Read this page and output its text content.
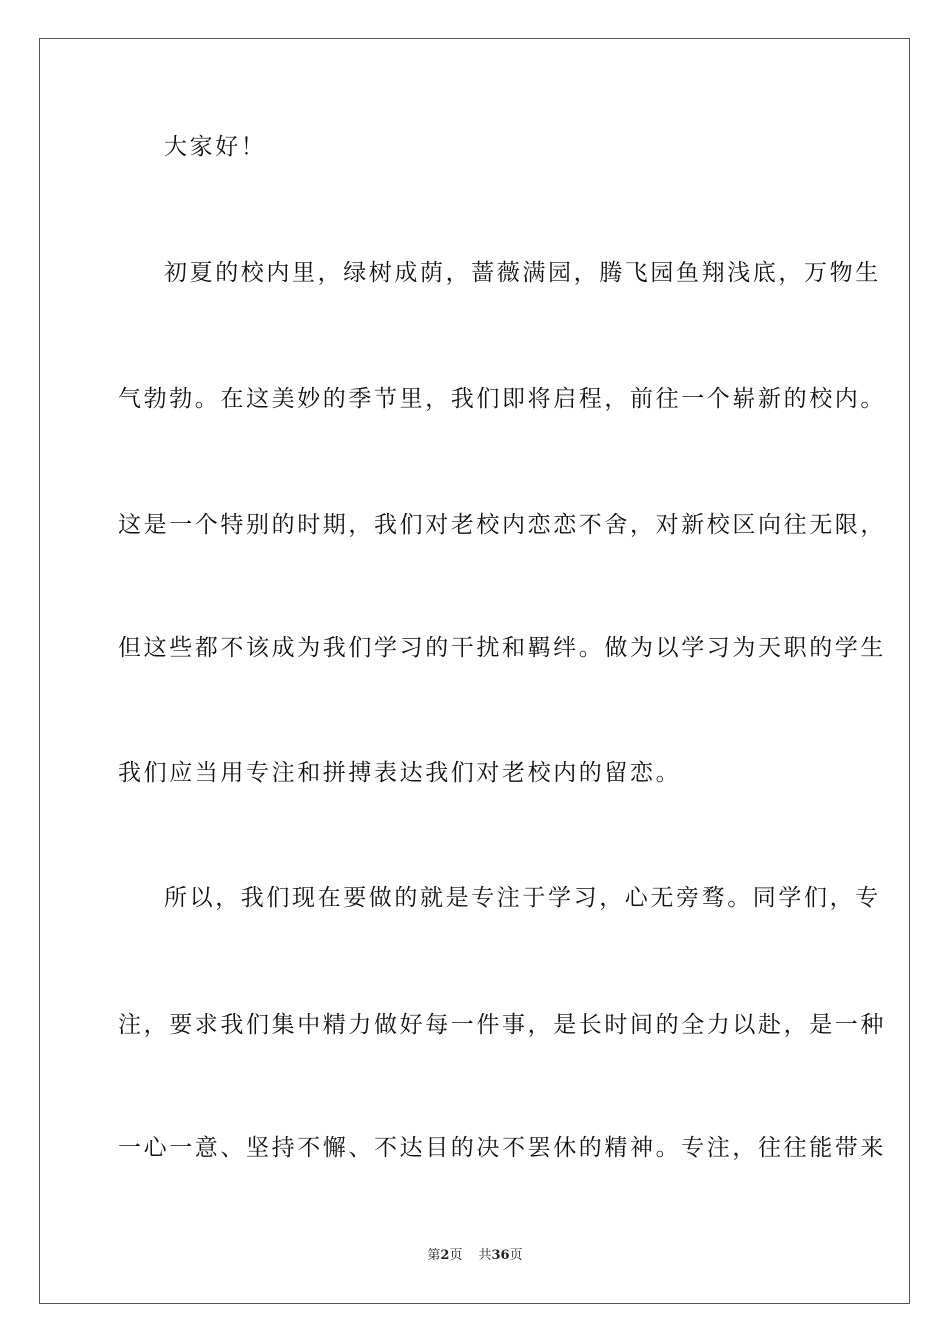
大家好！
初夏的校内里，绿树成荫，蔷薇满园，腾飞园鱼翔浅底，万物生
气勃勃。在这美妙的季节里，我们即将启程，前往一个崭新的校内。
这是一个特别的时期，我们对老校内恋恋不舍，对新校区向往无限，
但这些都不该成为我们学习的干扰和羁绊。做为以学习为天职的学生
我们应当用专注和拼搏表达我们对老校内的留恋。
所以，我们现在要做的就是专注于学习，心无旁骛。同学们，专
注，要求我们集中精力做好每一件事，是长时间的全力以赴，是一种
一心一意、坚持不懈、不达目的决不罢休的精神。专注，往往能带来
第2页 共36页
